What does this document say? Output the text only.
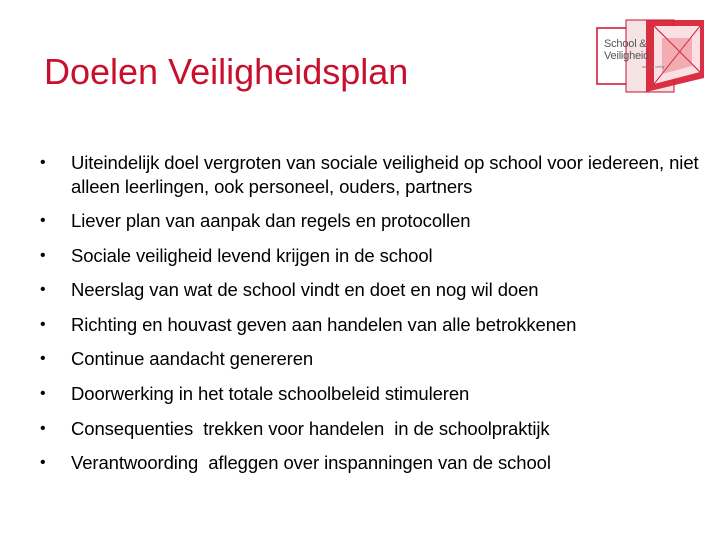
Doelen Veiligheidsplan
School &
Veiligheid
samen veilig
• Uiteindelijk doel vergroten van sociale veiligheid op school voor iedereen, niet alleen leerlingen, ook personeel, ouders, partners
• Liever plan van aanpak dan regels en protocollen
• Sociale veiligheid levend krijgen in de school
• Neerslag van wat de school vindt en doet en nog wil doen
• Richting en houvast geven aan handelen van alle betrokkenen
• Continue aandacht genereren
• Doorwerking in het totale schoolbeleid stimuleren
• Consequenties  trekken voor handelen  in de schoolpraktijk
• Verantwoording  afleggen over inspanningen van de school
